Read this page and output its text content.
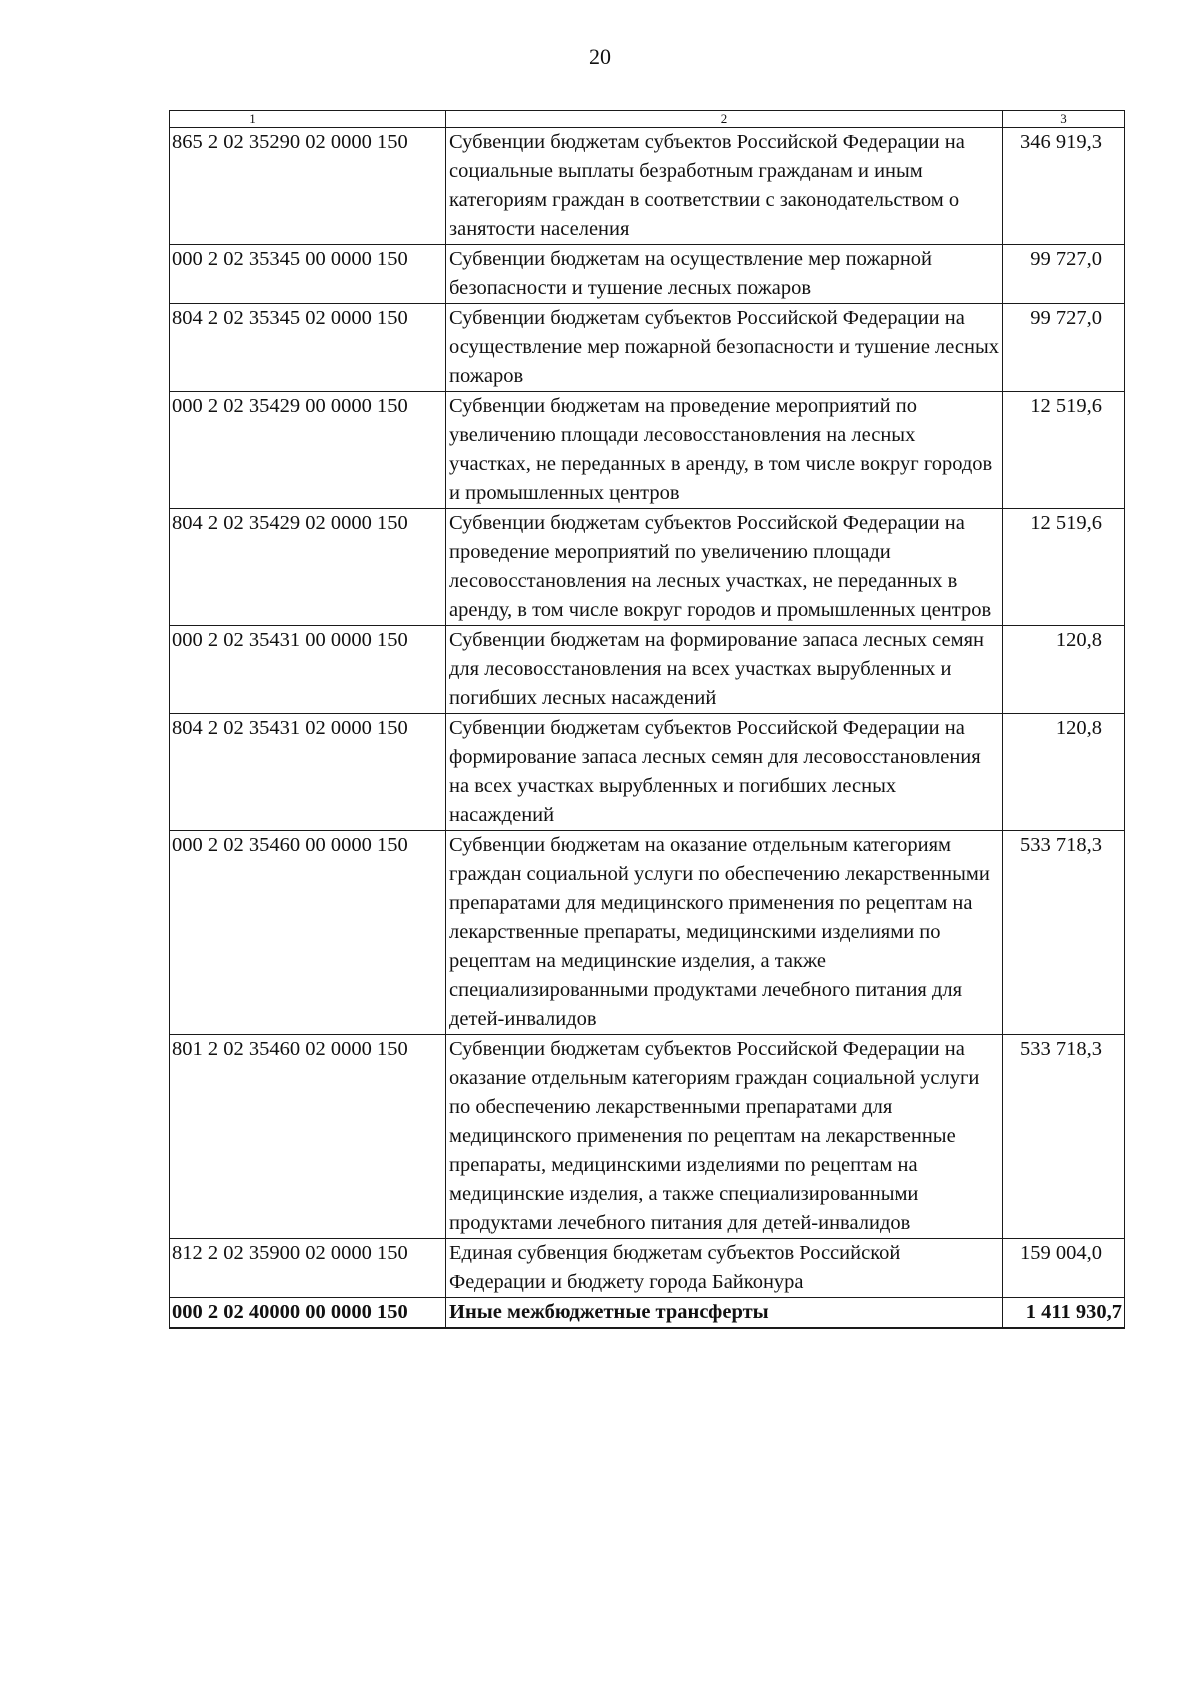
20
1	2	3
865 2 02 35290 02 0000 150	Субвенции бюджетам субъектов Российской Федерации на социальные выплаты безработным гражданам и иным категориям граждан в соответствии с законодательством о занятости населения	346 919,3
000 2 02 35345 00 0000 150	Субвенции бюджетам на осуществление мер пожарной безопасности и тушение лесных пожаров	99 727,0
804 2 02 35345 02 0000 150	Субвенции бюджетам субъектов Российской Федерации на осуществление мер пожарной безопасности и тушение лесных пожаров	99 727,0
000 2 02 35429 00 0000 150	Субвенции бюджетам на проведение мероприятий по увеличению площади лесовосстановления на лесных участках, не переданных в аренду, в том числе вокруг городов и промышленных центров	12 519,6
804 2 02 35429 02 0000 150	Субвенции бюджетам субъектов Российской Федерации на проведение мероприятий по увеличению площади лесовосстановления на лесных участках, не переданных в аренду, в том числе вокруг городов и промышленных центров	12 519,6
000 2 02 35431 00 0000 150	Субвенции бюджетам на формирование запаса лесных семян для лесовосстановления на всех участках вырубленных и погибших лесных насаждений	120,8
804 2 02 35431 02 0000 150	Субвенции бюджетам субъектов Российской Федерации на формирование запаса лесных семян для лесовосстановления на всех участках вырубленных и погибших лесных насаждений	120,8
000 2 02 35460 00 0000 150	Субвенции бюджетам на оказание отдельным категориям граждан социальной услуги по обеспечению лекарственными препаратами для медицинского применения по рецептам на лекарственные препараты, медицинскими изделиями по рецептам на медицинские изделия, а также специализированными продуктами лечебного питания для детей-инвалидов	533 718,3
801 2 02 35460 02 0000 150	Субвенции бюджетам субъектов Российской Федерации на оказание отдельным категориям граждан социальной услуги по обеспечению лекарственными препаратами для медицинского применения по рецептам на лекарственные препараты, медицинскими изделиями по рецептам на медицинские изделия, а также специализированными продуктами лечебного питания для детей-инвалидов	533 718,3
812 2 02 35900 02 0000 150	Единая субвенция бюджетам субъектов Российской Федерации и бюджету города Байконура	159 004,0
000 2 02 40000 00 0000 150	Иные межбюджетные трансферты	1 411 930,7
